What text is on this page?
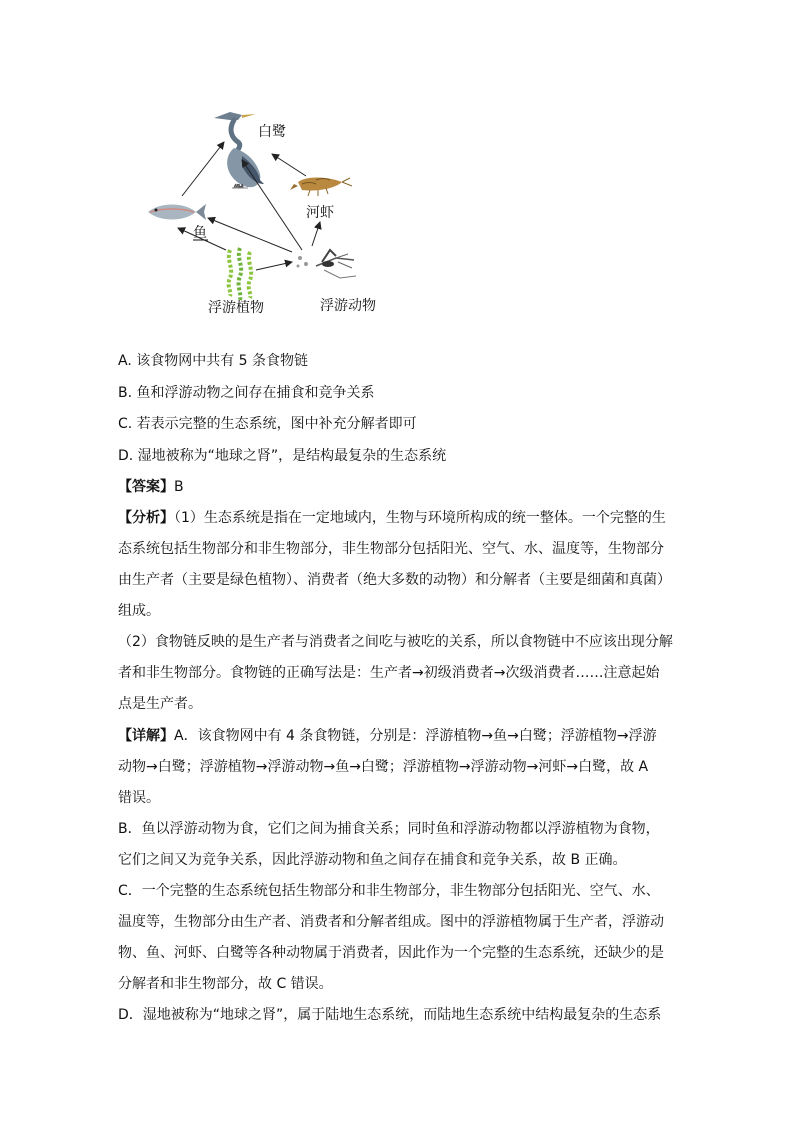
白鹭
河虾
鱼
浮游植物	浮游动物
A. 该食物网中共有 5 条食物链
B. 鱼和浮游动物之间存在捕食和竞争关系
C. 若表示完整的生态系统，图中补充分解者即可
D. 湿地被称为“地球之肾”，是结构最复杂的生态系统
【答案】B
【分析】（1）生态系统是指在一定地域内，生物与环境所构成的统一整体。一个完整的生
态系统包括生物部分和非生物部分，非生物部分包括阳光、空气、水、温度等，生物部分
由生产者（主要是绿色植物）、消费者（绝大多数的动物）和分解者（主要是细菌和真菌）
组成。
（2）食物链反映的是生产者与消费者之间吃与被吃的关系，所以食物链中不应该出现分解
者和非生物部分。食物链的正确写法是：生产者→初级消费者→次级消费者……注意起始
点是生产者。
【详解】A．该食物网中有 4 条食物链，分别是：浮游植物→鱼→白鹭；浮游植物→浮游
动物→白鹭；浮游植物→浮游动物→鱼→白鹭；浮游植物→浮游动物→河虾→白鹭，故 A
错误。
B．鱼以浮游动物为食，它们之间为捕食关系；同时鱼和浮游动物都以浮游植物为食物，
它们之间又为竞争关系，因此浮游动物和鱼之间存在捕食和竞争关系，故 B 正确。
C．一个完整的生态系统包括生物部分和非生物部分，非生物部分包括阳光、空气、水、
温度等，生物部分由生产者、消费者和分解者组成。图中的浮游植物属于生产者，浮游动
物、鱼、河虾、白鹭等各种动物属于消费者，因此作为一个完整的生态系统，还缺少的是
分解者和非生物部分，故 C 错误。
D．湿地被称为“地球之肾”，属于陆地生态系统，而陆地生态系统中结构最复杂的生态系
